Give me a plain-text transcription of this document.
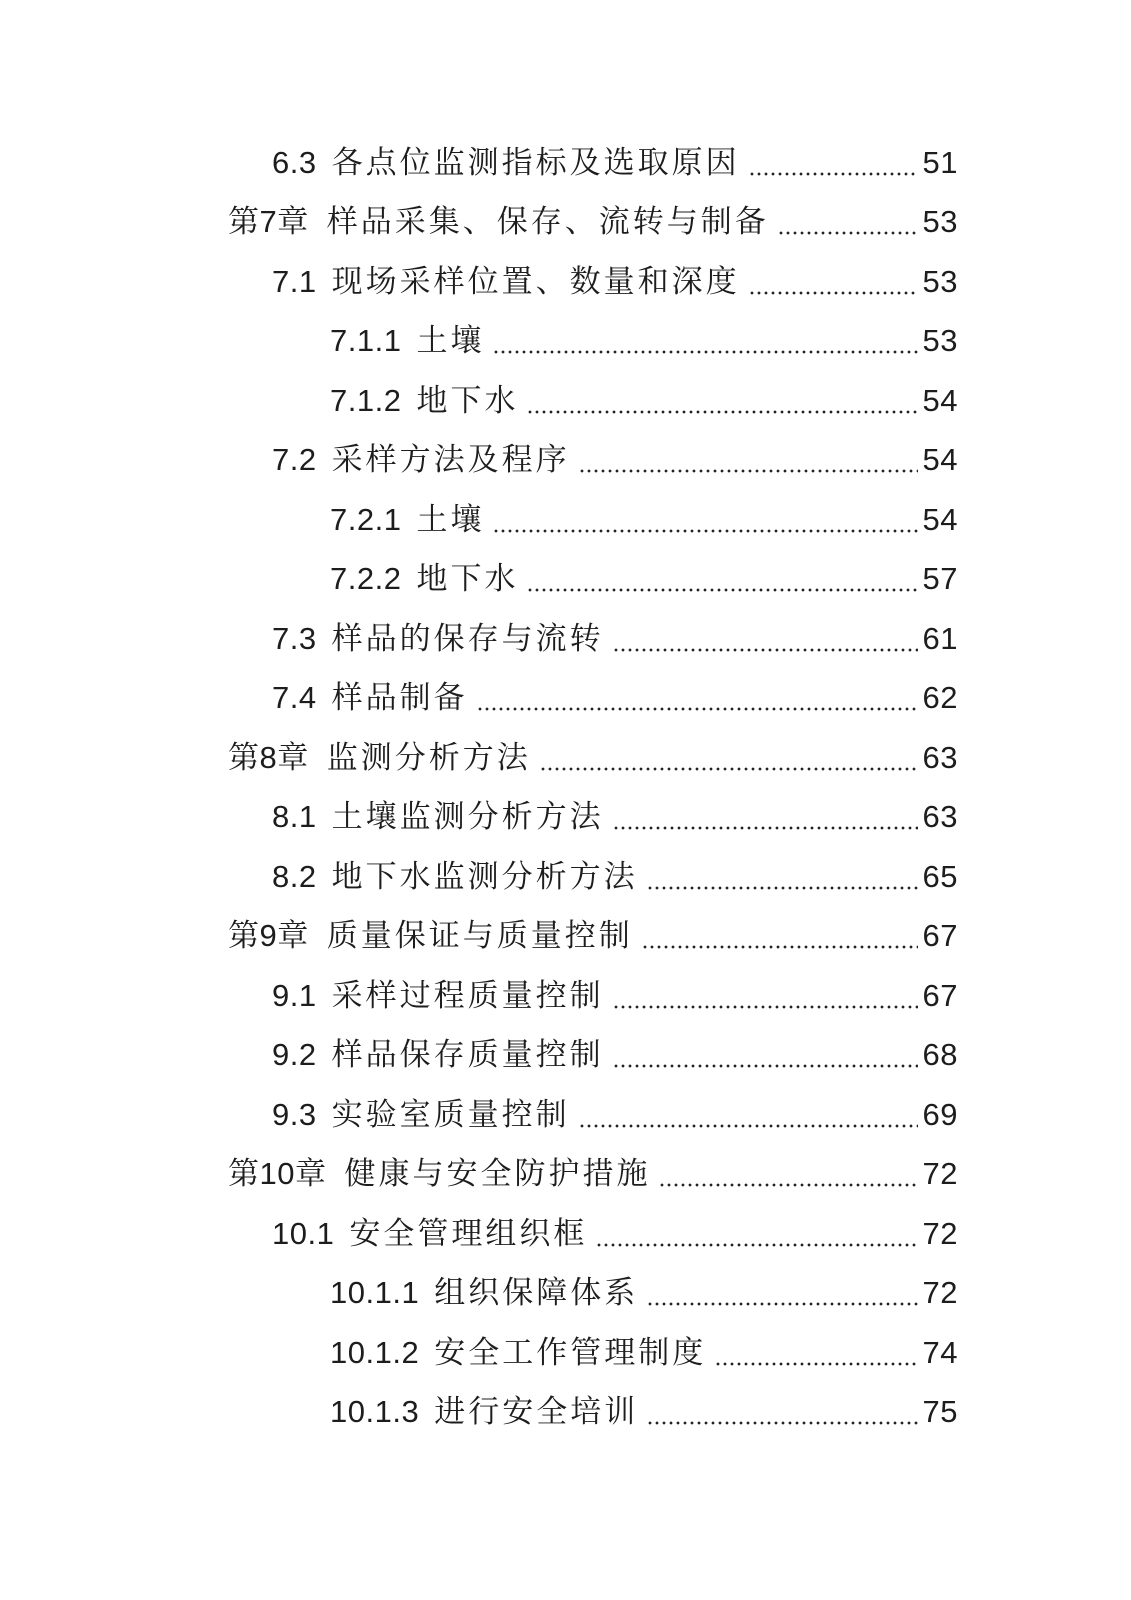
6.3 各点位监测指标及选取原因	51
第7章 样品采集、保存、流转与制备	53
7.1 现场采样位置、数量和深度	53
7.1.1 土壤	53
7.1.2 地下水	54
7.2 采样方法及程序	54
7.2.1 土壤	54
7.2.2 地下水	57
7.3 样品的保存与流转	61
7.4 样品制备	62
第8章 监测分析方法	63
8.1 土壤监测分析方法	63
8.2 地下水监测分析方法	65
第9章 质量保证与质量控制	67
9.1 采样过程质量控制	67
9.2 样品保存质量控制	68
9.3 实验室质量控制	69
第10章 健康与安全防护措施	72
10.1 安全管理组织框	72
10.1.1 组织保障体系	72
10.1.2 安全工作管理制度	74
10.1.3 进行安全培训	75
